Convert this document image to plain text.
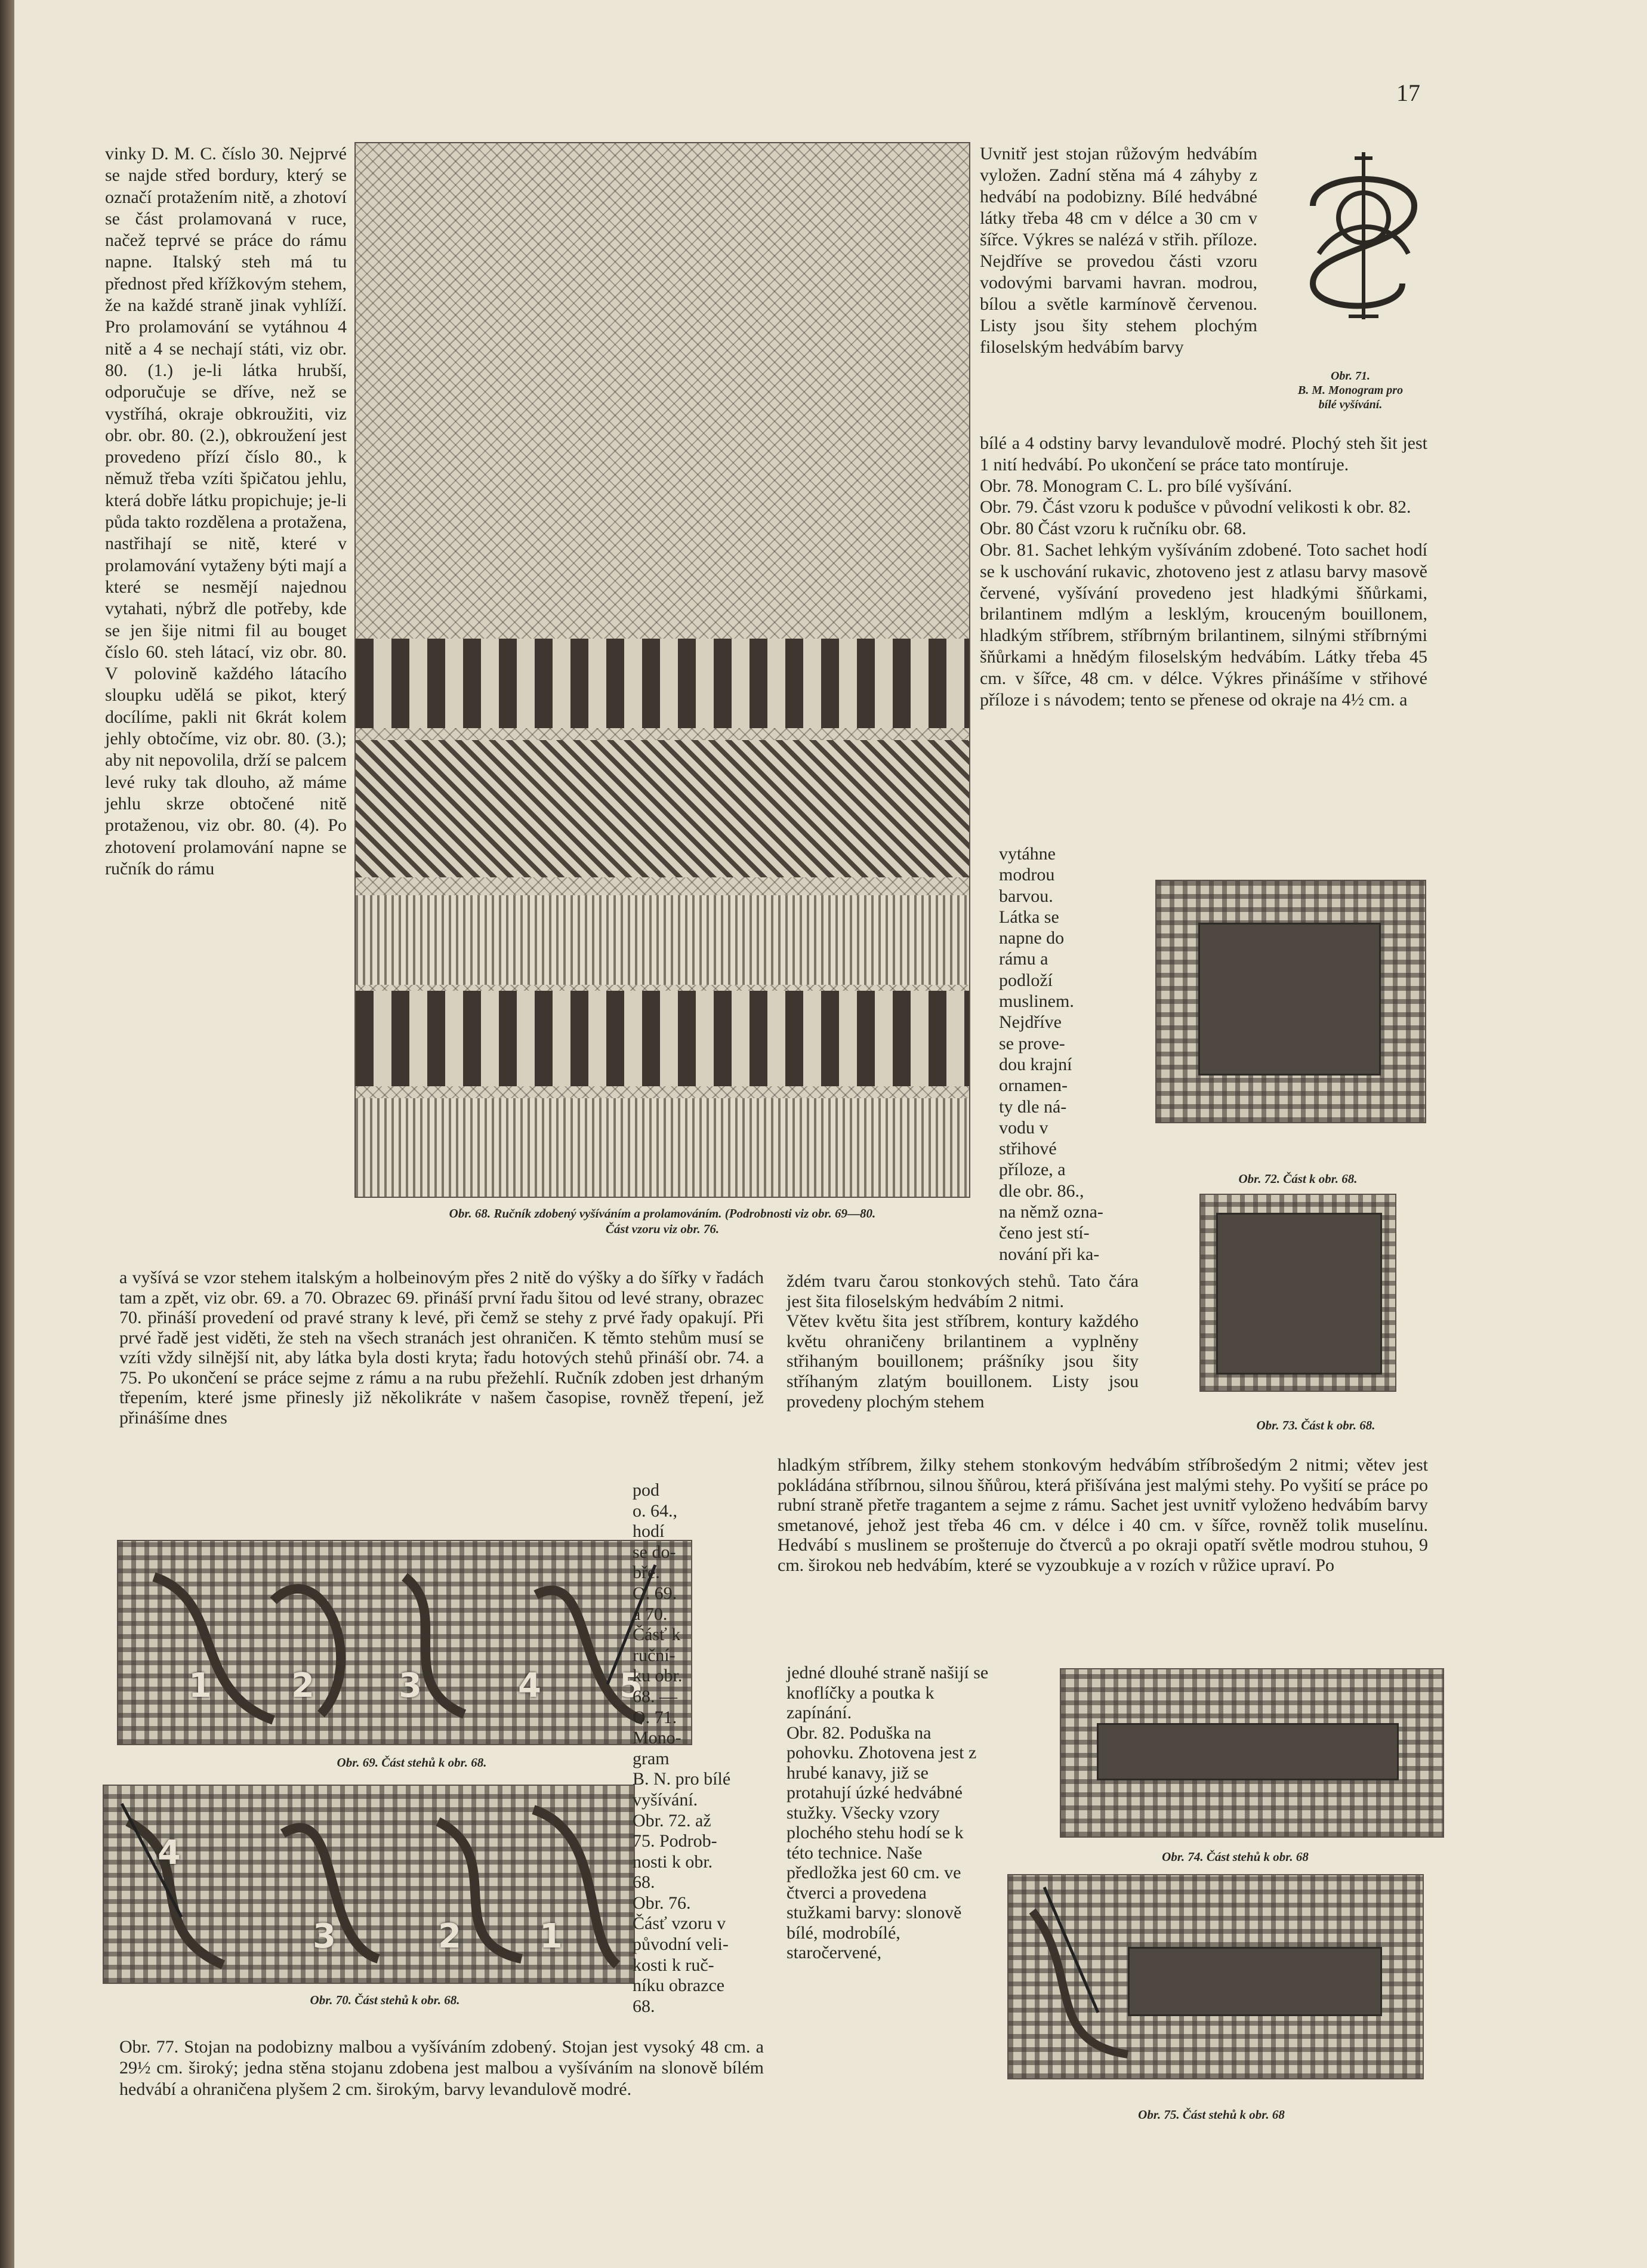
17

vinky D. M. C. číslo 30. Nejprvé se najde střed bordury, který se označí protažením nitě, a zhotoví se část prolamovaná v ruce, načež teprvé se práce do rámu napne. Italský steh má tu přednost před křížkovým stehem, že na každé straně jinak vyhlíží. Pro prolamování se vytáhnou 4 nitě a 4 se nechají státi, viz obr. 80. (1.) je-li látka hrubší, odporučuje se dříve, než se vystříhá, okraje obkroužiti, viz obr. obr. 80. (2.), obkroužení jest provedeno přízí číslo 80., k němuž třeba vzíti špičatou jehlu, která dobře látku propichuje; je-li půda takto rozdělena a protažena, nastřihají se nitě, které v prolamování vytaženy býti mají a které se nesmějí najednou vytahati, nýbrž dle potřeby, kde se jen šije nitmi fil au bouget číslo 60. steh látací, viz obr. 80. V polovině každého látacího sloupku udělá se pikot, který docílíme, pakli nit 6krát kolem jehly obtočíme, viz obr. 80. (3.); aby nit nepovolila, drží se palcem levé ruky tak dlouho, až máme jehlu skrze obtočené nitě protaženou, viz obr. 80. (4). Po zhotovení prolamování napne se ručník do rámu

Obr. 68. Ručník zdobený vyšíváním a prolamováním. (Podrobnosti viz obr. 69—80.
Část vzoru viz obr. 76.

a vyšívá se vzor stehem italským a holbeinovým přes 2 nitě do výšky a do šířky v řadách tam a zpět, viz obr. 69. a 70. Obrazec 69. přináší první řadu šitou od levé strany, obrazec 70. přináší provedení od pravé strany k levé, při čemž se stehy z prvé řady opakují. Při prvé řadě jest viděti, že steh na všech stranách jest ohraničen. K těmto stehům musí se vzíti vždy silnější nit, aby látka byla dosti kryta; řadu hotových stehů přináší obr. 74. a 75. Po ukončení se práce sejme z rámu a na rubu přežehlí. Ručník zdoben jest drhaným třepením, které jsme přinesly již několikráte v našem časopise, rovněž třepení, jež přinášíme dnes

1 2	3	4 5

Obr. 69. Část stehů k obr. 68.

4
3	2 1

Obr. 70. Část stehů k obr. 68.

pod
o. 64.,
hodí
se do-
bře.
O. 69.
a 70.
Čásť k
ruční-
ku obr.
68. —
O. 71.
Mono-
gram
B. N. pro bílé
vyšívání.
Obr. 72. až
75. Podrob-
nosti k obr.
68.
Obr. 76.
Čásť vzoru v
původní veli-
kosti k ruč-
níku obrazce
68.

Obr. 77. Stojan na podobizny malbou a vyšíváním zdobený. Stojan jest vysoký 48 cm. a 29½ cm. široký; jedna stěna stojanu zdobena jest malbou a vyšíváním na slonově bílém hedvábí a ohraničena plyšem 2 cm. širokým, barvy levandulově modré.

Uvnitř jest stojan růžovým hedvábím vyložen. Zadní stěna má 4 záhyby z hedvábí na podobizny. Bílé hedvábné látky třeba 48 cm v délce a 30 cm v šířce. Výkres se nalézá v střih. příloze. Nejdříve se provedou části vzoru vodovými barvami havran. modrou, bílou a světle karmínově červenou. Listy jsou šity stehem plochým filoselským hedvábím barvy

Obr. 71.
B. M. Monogram pro
bílé vyšívání.

bílé a 4 odstiny barvy levandulově modré. Plochý steh šit jest 1 nití hedvábí. Po ukončení se práce tato montíruje.
Obr. 78. Monogram C. L. pro bílé vyšívání.
Obr. 79. Část vzoru k podušce v původní velikosti k obr. 82.
Obr. 80 Část vzoru k ručníku obr. 68.
Obr. 81. Sachet lehkým vyšíváním zdobené. Toto sachet hodí se k uschování rukavic, zhotoveno jest z atlasu barvy masově červené, vyšívání provedeno jest hladkými šňůrkami, brilantinem mdlým a lesklým, krouceným bouillonem, hladkým stříbrem, stříbrným brilantinem, silnými stříbrnými šňůrkami a hnědým filoselským hedvábím. Látky třeba 45 cm. v šířce, 48 cm. v délce. Výkres přinášíme v střihové příloze i s návodem; tento se přenese od okraje na 4½ cm. a

vytáhne
modrou
barvou.
Látka se
napne do
rámu a
podloží
muslinem.
Nejdříve
se prove-
dou krajní
ornamen-
ty dle ná-
vodu v
střihové
příloze, a
dle obr. 86.,
na němž ozna-
čeno jest stí-
nování při ka-

Obr. 72. Část k obr. 68.

Obr. 73. Část k obr. 68.

ždém tvaru čarou stonkových stehů. Tato čára jest šita filoselským hedvábím 2 nitmi.
Větev květu šita jest stříbrem, kontury každého květu ohraničeny brilantinem a vyplněny střihaným bouillonem; prášníky jsou šity stříhaným zlatým bouillonem. Listy jsou provedeny plochým stehem

hladkým stříbrem, žilky stehem stonkovým hedvábím stříbrošedým 2 nitmi; větev jest pokládána stříbrnou, silnou šňůrou, která přišívána jest malými stehy. Po vyšití se práce po rubní straně přetře tragantem a sejme z rámu. Sachet jest uvnitř vyloženo hedvábím barvy smetanové, jehož jest třeba 46 cm. v délce i 40 cm. v šířce, rovněž tolik muselínu. Hedvábí s muslinem se prošteпuje do čtverců a po okraji opatří světle modrou stuhou, 9 cm. širokou neb hedvábím, které se vyzoubkuje a v rozích v růžice upraví. Po

jedné dlouhé straně našijí se knoflíčky a poutka k zapínání.
Obr. 82. Poduška na pohovku. Zhotovena jest z hrubé kanavy, již se protahují úzké hedvábné stužky. Všecky vzory plochého stehu hodí se k této technice. Naše předložka jest 60 cm. ve čtverci a provedena stužkami barvy: slonově bílé, modrobílé, staročervené,

Obr. 74. Část stehů k obr. 68

Obr. 75. Část stehů k obr. 68
